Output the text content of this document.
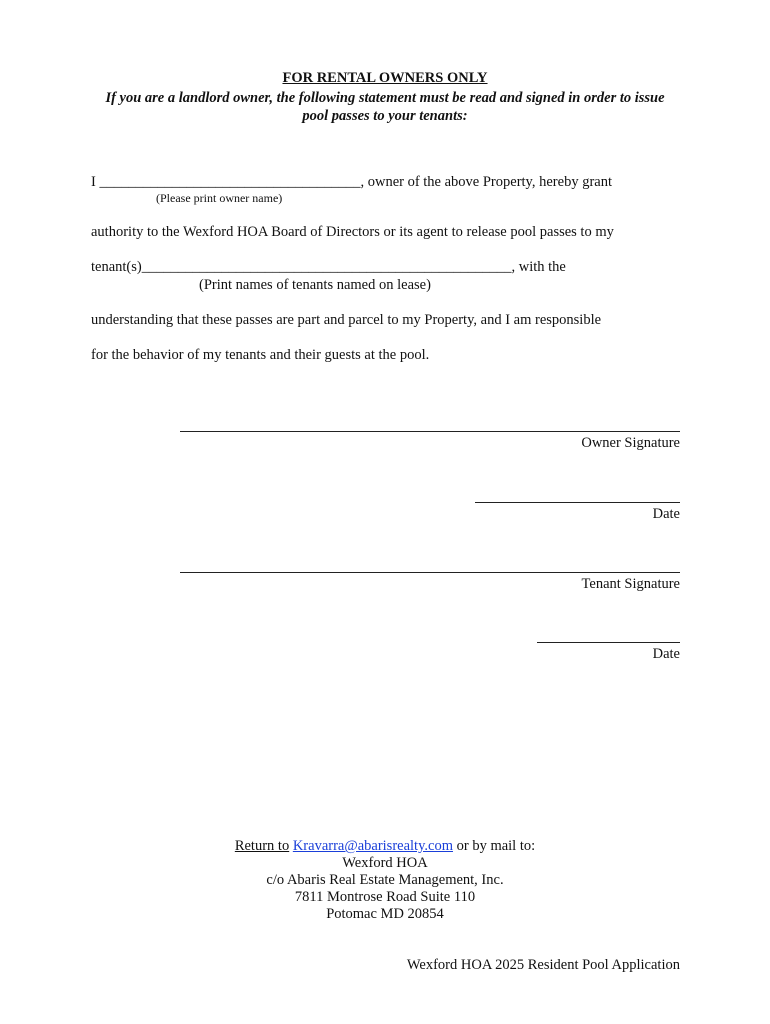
FOR RENTAL OWNERS ONLY
If you are a landlord owner, the following statement must be read and signed in order to issue
pool passes to your tenants:
I ____________________________________, owner of the above Property, hereby grant
(Please print owner name)
authority to the Wexford HOA Board of Directors or its agent to release pool passes to my
tenant(s)___________________________________________________, with the
(Print names of tenants named on lease)
understanding that these passes are part and parcel to my Property, and I am responsible
for the behavior of my tenants and their guests at the pool.
Owner Signature
Date
Tenant Signature
Date
Return to Kravarra@abarisrealty.com or by mail to:
Wexford HOA
c/o Abaris Real Estate Management, Inc.
7811 Montrose Road Suite 110
Potomac MD 20854
Wexford HOA 2025 Resident Pool Application
